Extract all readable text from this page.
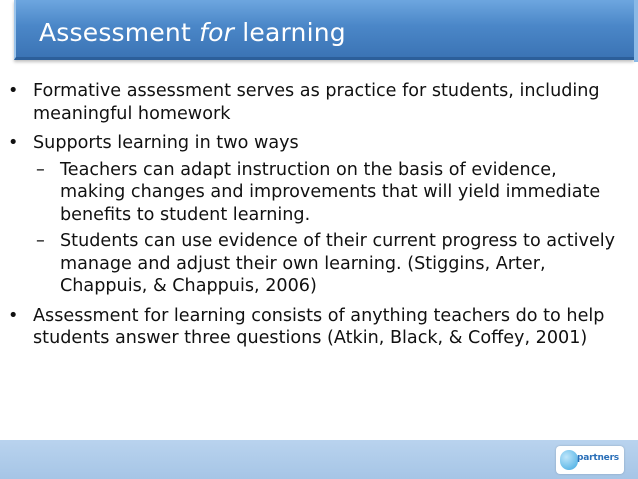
Assessment for learning
• Formative assessment serves as practice for students, including meaningful homework
• Supports learning in two ways
– Teachers can adapt instruction on the basis of evidence, making changes and improvements that will yield immediate benefits to student learning.
– Students can use evidence of their current progress to actively manage and adjust their own learning. (Stiggins, Arter, Chappuis, & Chappuis, 2006)
• Assessment for learning consists of anything teachers do to help students answer three questions (Atkin, Black, & Coffey, 2001)
partners
